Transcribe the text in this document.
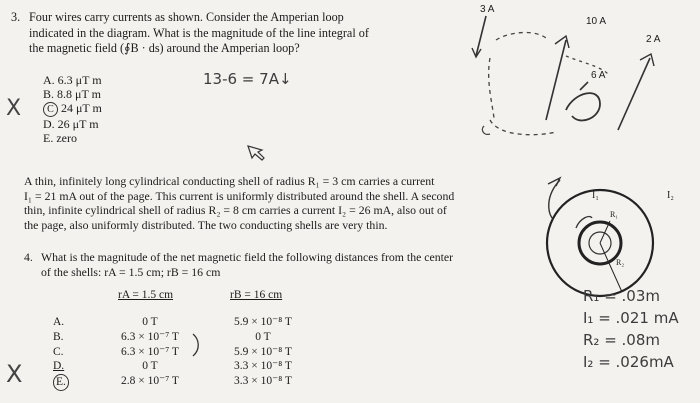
3. Four wires carry currents as shown. Consider the Amperian loop
indicated in the diagram. What is the magnitude of the line integral of
the magnetic field (∮B · ds) around the Amperian loop?
A. 6.3 μT m
B. 8.8 μT m
C 24 μT m
D. 26 μT m
E. zero
13-6 = 7A↓
X
3 A
10 A
2 A
6 A
A thin, infinitely long cylindrical conducting shell of radius R₁ = 3 cm carries a current
I₁ = 21 mA out of the page. This current is uniformly distributed around the shell. A second
thin, infinite cylindrical shell of radius R₂ = 8 cm carries a current I₂ = 26 mA, also out of
the page, also uniformly distributed. The two conducting shells are very thin.
4. What is the magnitude of the net magnetic field the following distances from the center
of the shells: rA = 1.5 cm; rB = 16 cm
rA = 1.5 cm	rB = 16 cm
A.
B.
C.
D.
E.
0 T
6.3 × 10⁻⁷ T
6.3 × 10⁻⁷ T
0 T
2.8 × 10⁻⁷ T
5.9 × 10⁻⁸ T
0 T
5.9 × 10⁻⁸ T
3.3 × 10⁻⁸ T
3.3 × 10⁻⁸ T
X
I₁	I₂
R₁
R₂
R₁ = .03m
I₁ = .021 mA
R₂ = .08m
I₂ = .026mA
